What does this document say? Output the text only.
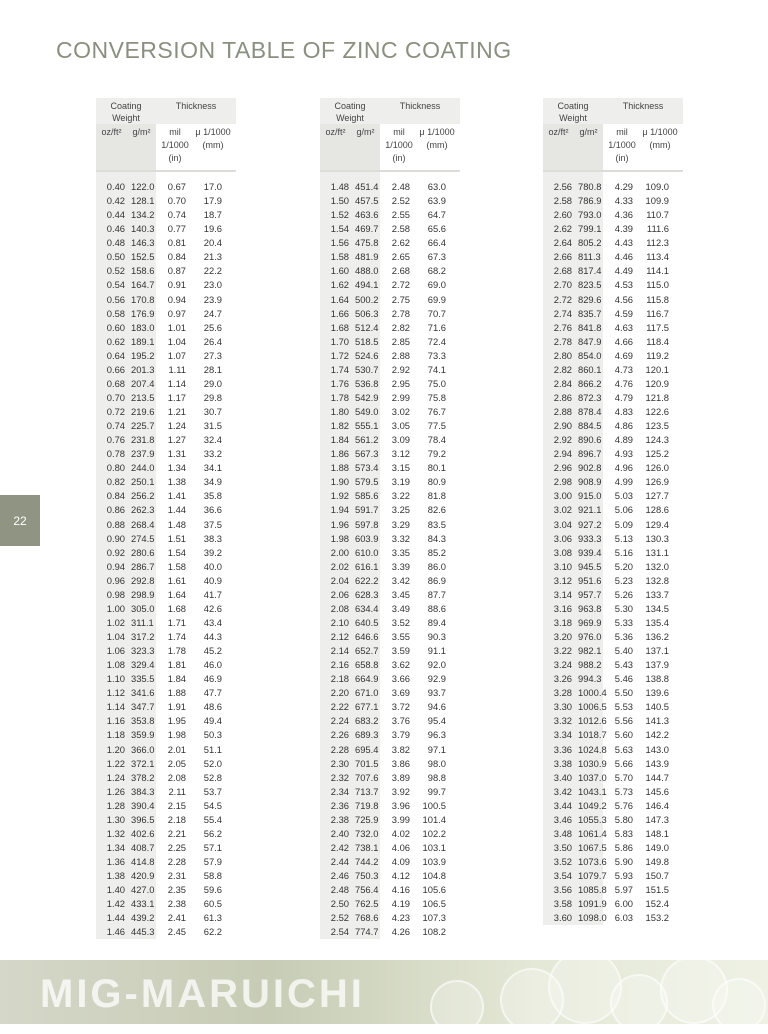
CONVERSION TABLE OF ZINC COATING
22
Coating Weight
Thickness
oz/ft²	g/m²	mil 1/1000 (in)
μ 1/1000 (mm)
0.40 122.0	0.67	17.0
0.42 128.1	0.70	17.9
0.44 134.2	0.74	18.7
0.46 140.3	0.77	19.6
0.48 146.3	0.81	20.4
0.50 152.5	0.84	21.3
0.52 158.6	0.87	22.2
0.54 164.7	0.91	23.0
0.56 170.8	0.94	23.9
0.58 176.9	0.97	24.7
0.60 183.0	1.01	25.6
0.62 189.1	1.04	26.4
0.64 195.2	1.07	27.3
0.66 201.3	1.11	28.1
0.68 207.4	1.14	29.0
0.70 213.5	1.17	29.8
0.72 219.6	1.21	30.7
0.74 225.7	1.24	31.5
0.76 231.8	1.27	32.4
0.78 237.9	1.31	33.2
0.80 244.0	1.34	34.1
0.82 250.1	1.38	34.9
0.84 256.2	1.41	35.8
0.86 262.3	1.44	36.6
0.88 268.4	1.48	37.5
0.90 274.5	1.51	38.3
0.92 280.6	1.54	39.2
0.94 286.7	1.58	40.0
0.96 292.8	1.61	40.9
0.98 298.9	1.64	41.7
1.00 305.0	1.68	42.6
1.02 311.1	1.71	43.4
1.04 317.2	1.74	44.3
1.06 323.3	1.78	45.2
1.08 329.4	1.81	46.0
1.10 335.5	1.84	46.9
1.12 341.6	1.88	47.7
1.14 347.7	1.91	48.6
1.16 353.8	1.95	49.4
1.18 359.9	1.98	50.3
1.20 366.0	2.01	51.1
1.22 372.1	2.05	52.0
1.24 378.2	2.08	52.8
1.26 384.3	2.11	53.7
1.28 390.4	2.15	54.5
1.30 396.5	2.18	55.4
1.32 402.6	2.21	56.2
1.34 408.7	2.25	57.1
1.36 414.8	2.28	57.9
1.38 420.9	2.31	58.8
1.40 427.0	2.35	59.6
1.42 433.1	2.38	60.5
1.44 439.2	2.41	61.3
1.46 445.3	2.45	62.2
Coating Weight
Thickness
oz/ft²	g/m²	mil 1/1000 (in)
μ 1/1000 (mm)
1.48 451.4	2.48	63.0
1.50 457.5	2.52	63.9
1.52 463.6	2.55	64.7
1.54 469.7	2.58	65.6
1.56 475.8	2.62	66.4
1.58 481.9	2.65	67.3
1.60 488.0	2.68	68.2
1.62 494.1	2.72	69.0
1.64 500.2	2.75	69.9
1.66 506.3	2.78	70.7
1.68 512.4	2.82	71.6
1.70 518.5	2.85	72.4
1.72 524.6	2.88	73.3
1.74 530.7	2.92	74.1
1.76 536.8	2.95	75.0
1.78 542.9	2.99	75.8
1.80 549.0	3.02	76.7
1.82 555.1	3.05	77.5
1.84 561.2	3.09	78.4
1.86 567.3	3.12	79.2
1.88 573.4	3.15	80.1
1.90 579.5	3.19	80.9
1.92 585.6	3.22	81.8
1.94 591.7	3.25	82.6
1.96 597.8	3.29	83.5
1.98 603.9	3.32	84.3
2.00 610.0	3.35	85.2
2.02 616.1	3.39	86.0
2.04 622.2	3.42	86.9
2.06 628.3	3.45	87.7
2.08 634.4	3.49	88.6
2.10 640.5	3.52	89.4
2.12 646.6	3.55	90.3
2.14 652.7	3.59	91.1
2.16 658.8	3.62	92.0
2.18 664.9	3.66	92.9
2.20 671.0	3.69	93.7
2.22 677.1	3.72	94.6
2.24 683.2	3.76	95.4
2.26 689.3	3.79	96.3
2.28 695.4	3.82	97.1
2.30 701.5	3.86	98.0
2.32 707.6	3.89	98.8
2.34 713.7	3.92	99.7
2.36 719.8	3.96	100.5
2.38 725.9	3.99	101.4
2.40 732.0	4.02	102.2
2.42 738.1	4.06	103.1
2.44 744.2	4.09	103.9
2.46 750.3	4.12	104.8
2.48 756.4	4.16	105.6
2.50 762.5	4.19	106.5
2.52 768.6	4.23	107.3
2.54 774.7	4.26	108.2
Coating Weight
Thickness
oz/ft²	g/m²	mil 1/1000 (in)
μ 1/1000 (mm)
2.56 780.8	4.29	109.0
2.58 786.9	4.33	109.9
2.60 793.0	4.36	110.7
2.62 799.1	4.39	111.6
2.64 805.2	4.43	112.3
2.66 811.3	4.46	113.4
2.68 817.4	4.49	114.1
2.70 823.5	4.53	115.0
2.72 829.6	4.56	115.8
2.74 835.7	4.59	116.7
2.76 841.8	4.63	117.5
2.78 847.9	4.66	118.4
2.80 854.0	4.69	119.2
2.82 860.1	4.73	120.1
2.84 866.2	4.76	120.9
2.86 872.3	4.79	121.8
2.88 878.4	4.83	122.6
2.90 884.5	4.86	123.5
2.92 890.6	4.89	124.3
2.94 896.7	4.93	125.2
2.96 902.8	4.96	126.0
2.98 908.9	4.99	126.9
3.00 915.0	5.03	127.7
3.02 921.1	5.06	128.6
3.04 927.2	5.09	129.4
3.06 933.3	5.13	130.3
3.08 939.4	5.16	131.1
3.10 945.5	5.20	132.0
3.12 951.6	5.23	132.8
3.14 957.7	5.26	133.7
3.16 963.8	5.30	134.5
3.18 969.9	5.33	135.4
3.20 976.0	5.36	136.2
3.22 982.1	5.40	137.1
3.24 988.2	5.43	137.9
3.26 994.3	5.46	138.8
3.28 1000.4 5.50	139.6
3.30 1006.5 5.53	140.5
3.32 1012.6 5.56	141.3
3.34 1018.7 5.60	142.2
3.36 1024.8 5.63	143.0
3.38 1030.9 5.66	143.9
3.40 1037.0 5.70	144.7
3.42 1043.1 5.73	145.6
3.44 1049.2 5.76	146.4
3.46 1055.3 5.80	147.3
3.48 1061.4 5.83	148.1
3.50 1067.5 5.86	149.0
3.52 1073.6 5.90	149.8
3.54 1079.7 5.93	150.7
3.56 1085.8 5.97	151.5
3.58 1091.9 6.00	152.4
3.60 1098.0 6.03	153.2
MIG-MARUICHI
